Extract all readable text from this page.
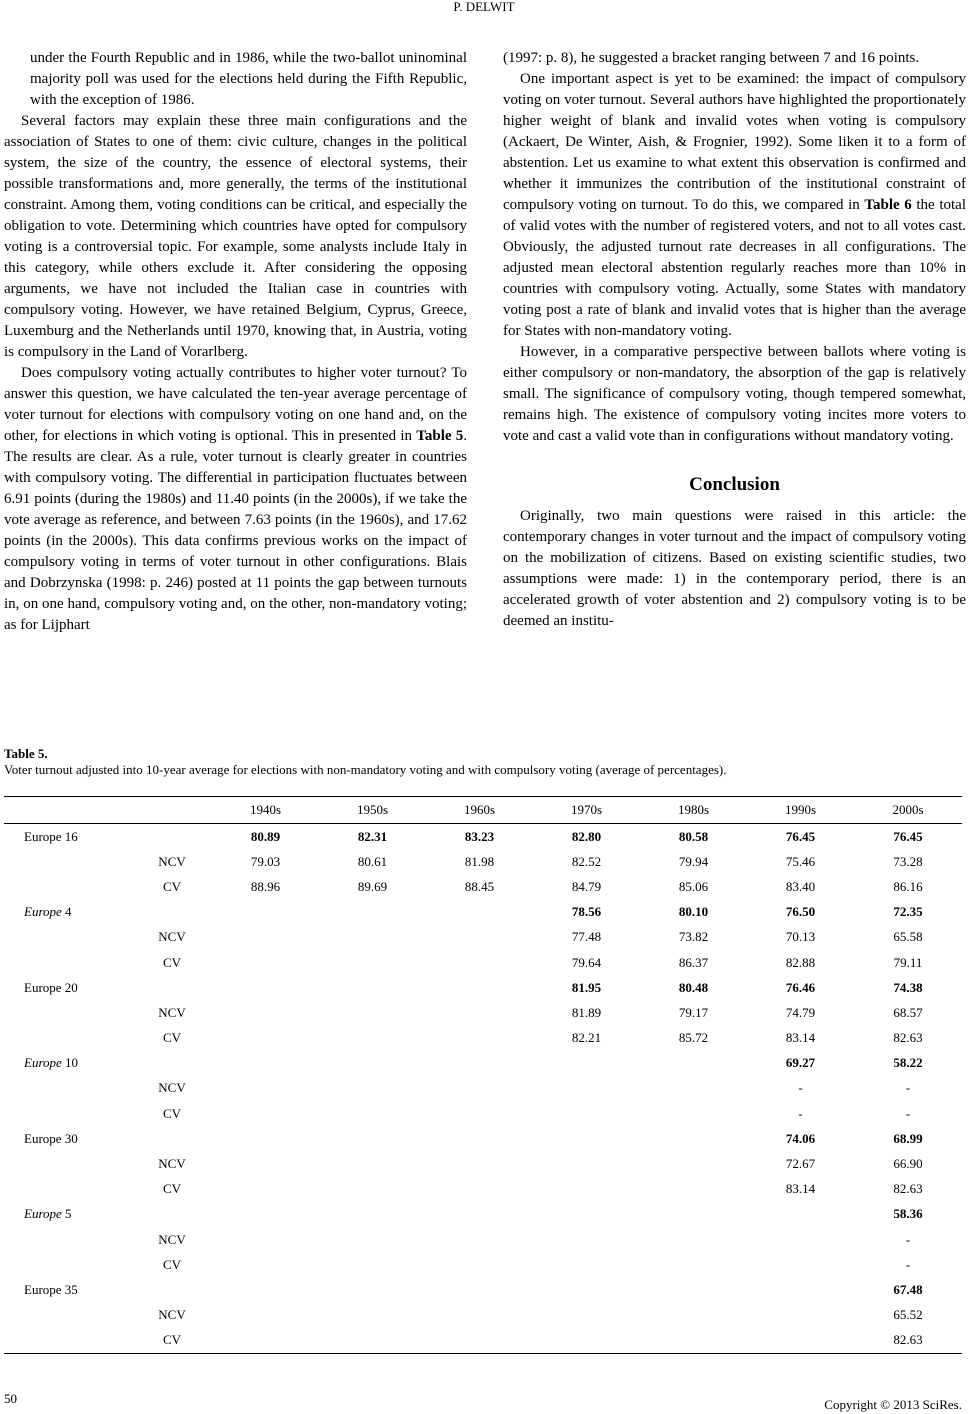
P. DELWIT
under the Fourth Republic and in 1986, while the two-ballot uninominal majority poll was used for the elections held during the Fifth Republic, with the exception of 1986.

Several factors may explain these three main configurations and the association of States to one of them: civic culture, changes in the political system, the size of the country, the essence of electoral systems, their possible transformations and, more generally, the terms of the institutional constraint. Among them, voting conditions can be critical, and especially the obligation to vote. Determining which countries have opted for compulsory voting is a controversial topic. For example, some analysts include Italy in this category, while others exclude it. After considering the opposing arguments, we have not included the Italian case in countries with compulsory voting. However, we have retained Belgium, Cyprus, Greece, Luxemburg and the Netherlands until 1970, knowing that, in Austria, voting is compulsory in the Land of Vorarlberg.

Does compulsory voting actually contributes to higher voter turnout? To answer this question, we have calculated the ten-year average percentage of voter turnout for elections with compulsory voting on one hand and, on the other, for elections in which voting is optional. This in presented in Table 5. The results are clear. As a rule, voter turnout is clearly greater in countries with compulsory voting. The differential in participation fluctuates between 6.91 points (during the 1980s) and 11.40 points (in the 2000s), if we take the vote average as reference, and between 7.63 points (in the 1960s), and 17.62 points (in the 2000s). This data confirms previous works on the impact of compulsory voting in terms of voter turnout in other configurations. Blais and Dobrzynska (1998: p. 246) posted at 11 points the gap between turnouts in, on one hand, compulsory voting and, on the other, non-mandatory voting; as for Lijphart

(1997: p. 8), he suggested a bracket ranging between 7 and 16 points.

One important aspect is yet to be examined: the impact of compulsory voting on voter turnout. Several authors have highlighted the proportionately higher weight of blank and invalid votes when voting is compulsory (Ackaert, De Winter, Aish, & Frognier, 1992). Some liken it to a form of abstention. Let us examine to what extent this observation is confirmed and whether it immunizes the contribution of the institutional constraint of compulsory voting on turnout. To do this, we compared in Table 6 the total of valid votes with the number of registered voters, and not to all votes cast. Obviously, the adjusted turnout rate decreases in all configurations. The adjusted mean electoral abstention regularly reaches more than 10% in countries with compulsory voting. Actually, some States with mandatory voting post a rate of blank and invalid votes that is higher than the average for States with non-mandatory voting.

However, in a comparative perspective between ballots where voting is either compulsory or non-mandatory, the absorption of the gap is relatively small. The significance of compulsory voting, though tempered somewhat, remains high. The existence of compulsory voting incites more voters to vote and cast a valid vote than in configurations without mandatory voting.

Conclusion

Originally, two main questions were raised in this article: the contemporary changes in voter turnout and the impact of compulsory voting on the mobilization of citizens. Based on existing scientific studies, two assumptions were made: 1) in the contemporary period, there is an accelerated growth of voter abstention and 2) compulsory voting is to be deemed an institu-

Table 5.
Voter turnout adjusted into 10-year average for elections with non-mandatory voting and with compulsory voting (average of percentages).
		1940s	1950s	1960s	1970s	1980s	1990s	2000s
Europe 16		80.89	82.31	83.23	82.80	80.58	76.45	76.45
	NCV	79.03	80.61	81.98	82.52	79.94	75.46	73.28
	CV	88.96	89.69	88.45	84.79	85.06	83.40	86.16
Europe 4					78.56	80.10	76.50	72.35
	NCV				77.48	73.82	70.13	65.58
	CV				79.64	86.37	82.88	79.11
Europe 20					81.95	80.48	76.46	74.38
	NCV				81.89	79.17	74.79	68.57
	CV				82.21	85.72	83.14	82.63
Europe 10							69.27	58.22
	NCV						-	-
	CV						-	-
Europe 30							74.06	68.99
	NCV						72.67	66.90
	CV						83.14	82.63
Europe 5								58.36
	NCV							-
	CV							-
Europe 35								67.48
	NCV							65.52
	CV							82.63
50	Copyright © 2013 SciRes.
